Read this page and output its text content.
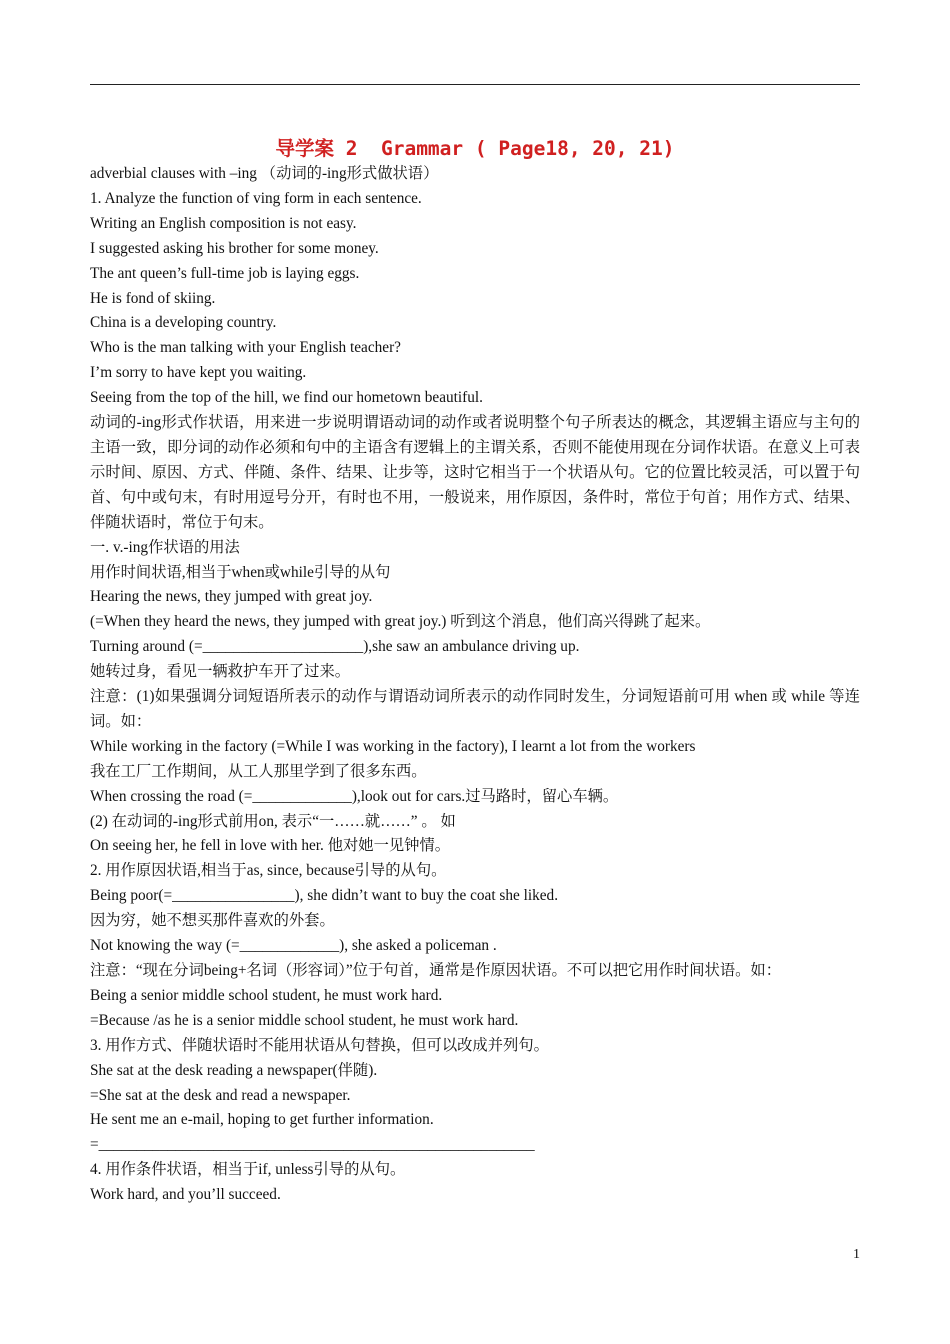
导学案 2  Grammar ( Page18, 20, 21)

adverbial clauses with –ing （动词的-ing形式做状语）

1. Analyze the function of ving form in each sentence.

Writing an English composition is not easy.

I suggested asking his brother for some money.

The ant queen’s full-time job is laying eggs.

He is fond of skiing.

China is a developing country.

Who is the man talking with your English teacher?

I’m sorry to have kept you waiting.

Seeing from the top of the hill, we find our hometown beautiful.

动词的-ing形式作状语，用来进一步说明谓语动词的动作或者说明整个句子所表达的概念，其逻辑主语应与主句的主语一致，即分词的动作必须和句中的主语含有逻辑上的主谓关系，否则不能使用现在分词作状语。在意义上可表示时间、原因、方式、伴随、条件、结果、让步等，这时它相当于一个状语从句。它的位置比较灵活，可以置于句首、句中或句末，有时用逗号分开，有时也不用，一般说来，用作原因，条件时，常位于句首；用作方式、结果、伴随状语时，常位于句末。

一. v.-ing作状语的用法

用作时间状语,相当于when或while引导的从句

Hearing the news, they jumped with great joy.

(=When they heard the news, they jumped with great joy.) 听到这个消息，他们高兴得跳了起来。

Turning around (=_____________________),she saw an ambulance driving up.

她转过身，看见一辆救护车开了过来。

注意：(1)如果强调分词短语所表示的动作与谓语动词所表示的动作同时发生，分词短语前可用 when 或 while 等连词。如：

While working in the factory (=While I was working in the factory), I learnt a lot from the workers

我在工厂工作期间，从工人那里学到了很多东西。

When crossing the road (=_____________),look out for cars.过马路时，留心车辆。

(2) 在动词的-ing形式前用on, 表示“一……就……” 。 如

On seeing her, he fell in love with her. 他对她一见钟情。

2. 用作原因状语,相当于as, since, because引导的从句。

Being poor(=________________), she didn’t want to buy the coat she liked.

因为穷，她不想买那件喜欢的外套。

Not knowing the way (=_____________), she asked a policeman .

注意：“现在分词being+名词（形容词）”位于句首，通常是作原因状语。不可以把它用作时间状语。如：

Being a senior middle school student, he must work hard.

=Because /as he is a senior middle school student, he must work hard.

3. 用作方式、伴随状语时不能用状语从句替换，但可以改成并列句。

She sat at the desk reading a newspaper(伴随).

=She sat at the desk and read a newspaper.

He sent me an e-mail, hoping to get further information.

=_________________________________________________________

4. 用作条件状语，相当于if, unless引导的从句。

Work hard, and you’ll succeed.

1
